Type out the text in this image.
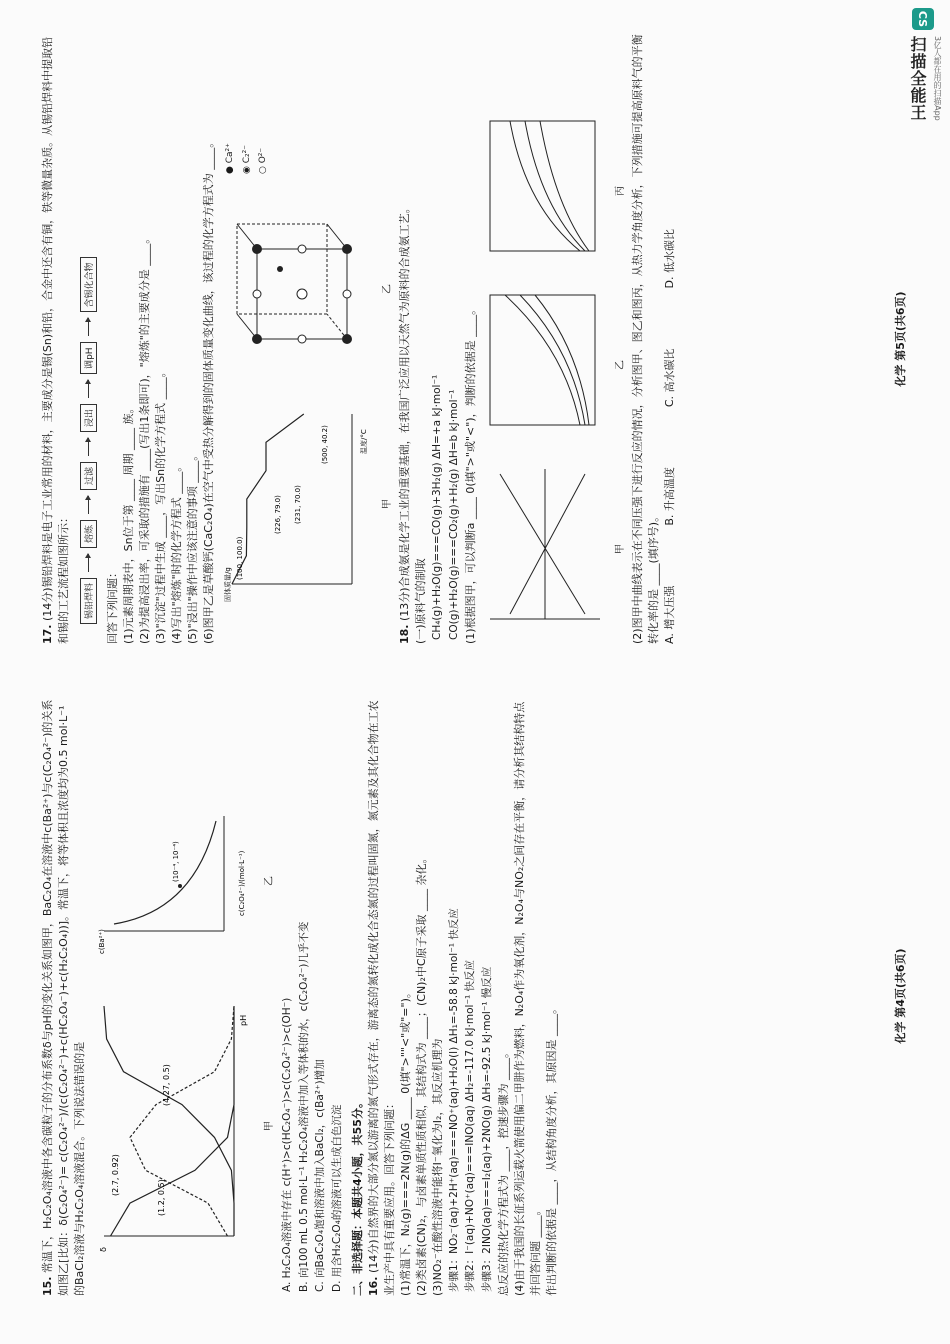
15. 常温下，H₂C₂O₄溶液中各含碳粒子的分布系数δ与pH的变化关系如图甲，BaC₂O₄在溶液中c(Ba²⁺)与c(C₂O₄²⁻)的关系如图乙[比如：δ(C₂O₄²⁻)= c(C₂O₄²⁻)/(c(C₂O₄²⁻)+c(HC₂O₄⁻)+c(H₂C₂O₄))]。常温下，将等体积且浓度均为0.5 mol·L⁻¹的BaCl₂溶液与H₂C₂O₄溶液混合。下列说法错误的是	(2.7, 0.92)
(4.27, 0.5)
(1.2, 0.5)
pH
δ
甲
(10⁻⁴, 10⁻⁴)	c(C₂O₄²⁻)/(mol·L⁻¹)
c(Ba²⁺)
乙
A. H₂C₂O₄溶液中存在 c(H⁺)>c(HC₂O₄⁻)>c(C₂O₄²⁻)>c(OH⁻) B. 向100 mL 0.5 mol·L⁻¹ H₂C₂O₄溶液中加入等体积的水，c(C₂O₄²⁻)几乎不变 C. 向BaC₂O₄饱和溶液中加入BaCl₂，c(Ba²⁺)增加 D. 用含H₂C₂O₄的溶液可以生成白色沉淀 二、非选择题：本题共4小题，共55分。 16. (14分)自然界的大部分氮以游离的氮气形式存在，游离态的氮转化成化合态氮的过程叫固氮，氮元素及其化合物在工农业生产中具有重要应用。回答下列问题： (1)常温下，N₂(g)===2N(g)的ΔG ____ 0(填">""<"或"=")。 (2)类卤素(CN)₂，与卤素单质性质相似，其结构式为 ____；(CN)₂中C原子采取 ____ 杂化。 (3)NO₂⁻在酸性溶液中能将I⁻氧化为I₂，其反应机理为 步骤1：NO₂⁻(aq)+2H⁺(aq)===NO⁺(aq)+H₂O(l) ΔH₁=-58.8 kJ·mol⁻¹ 快反应 步骤2：I⁻(aq)+NO⁺(aq)===INO(aq) ΔH₂=-117.0 kJ·mol⁻¹ 快反应 步骤3：2INO(aq)===I₂(aq)+2NO(g) ΔH₃=-92.5 kJ·mol⁻¹ 慢反应 总反应的热化学方程式为 ____，控速步骤为 ____。 (4)由于我国的长征系列运载火箭使用偏二甲肼作为燃料，N₂O₄作为氧化剂，N₂O₄与NO₂之间存在平衡，请分析其结构特点并回答问题 ____。 作出判断的依据是 ____，从结构角度分析，其原因是 ____。
化学 第4页(共6页)
17. (14分)锡铅焊料是电子工业常用的材料，主要成分是锡(Sn)和铅，合金中还含有铜，铁等微量杂质。从锡铅焊料中提取铅和锡的工艺流程如图所示：	锡铅焊料
熔炼
过滤
浸出
调pH
含锡化合物
回答下列问题： (1)元素周期表中，Sn位于第 ____ 周期 ____ 族。 (2)为提高浸出率，可采取的措施有 ____(写出1条即可)，"熔炼"的主要成分是 ____。 (3)"沉淀"过程中生成 ____，写出Sn的化学方程式 ____。 (4)写出"熔炼"时的化学方程式 ____。 (5)"浸出"操作中应该注意的事项 ____。 (6)图甲乙是草酸钙(CaC₂O₄)在空气中受热分解得到的固体质量变化曲线，该过程的化学方程式为 ____。	(100, 100.0)
(226, 79.0) (231, 70.0)
(500, 40.2)	温度/°C
固体质量/g
甲
乙
● Ca²⁺
◉ C₂²⁻
○ O²⁻
18. (13分)合成氨是化学工业的重要基础，在我国广泛应用以天然气为原料的合成氨工艺。 (一)原料气的制取 CH₄(g)+H₂O(g)===CO(g)+3H₂(g) ΔH=+a kJ·mol⁻¹ CO(g)+H₂O(g)===CO₂(g)+H₂(g) ΔH=b kJ·mol⁻¹ (1)根据图甲，可以判断a ____ 0(填">"或"<")，判断的依据是 ____。	甲
乙
丙 (2)图甲中曲线表示在不同压强下进行反应的情况，分析图甲、图乙和图丙，从热力学角度分析，下列措施可提高原料气的平衡转化率的是 ____(填序号)。 A. 增大压强
B. 升高温度
C. 高水碳比
D. 低水碳比
化学 第5页(共6页)
CS
扫描全能王 3亿人都在用的扫描App
